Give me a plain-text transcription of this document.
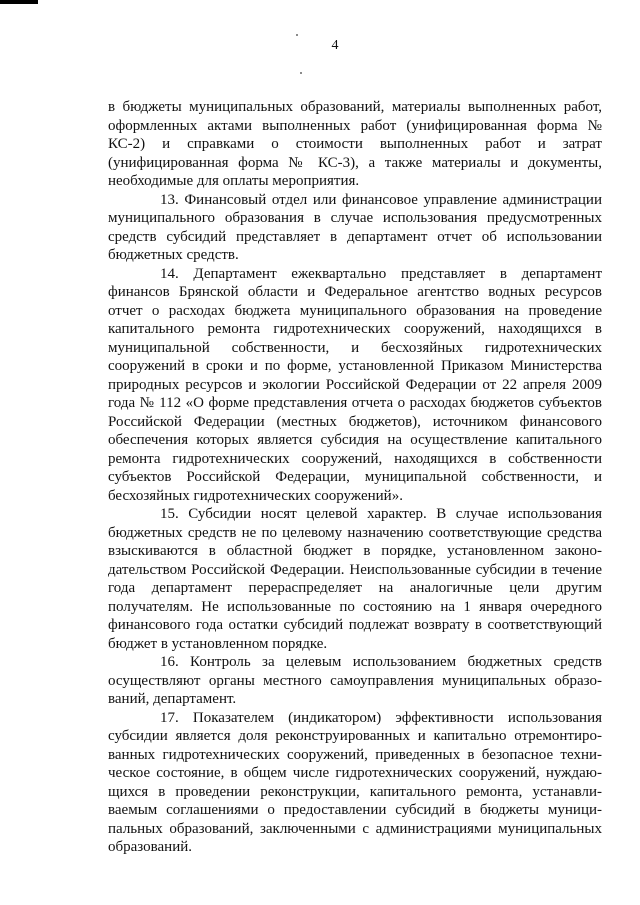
4

в бюджеты муниципальных образований, материалы выполненных работ, оформленных актами выполненных работ (унифицированная форма № КС-2) и справками о стоимости выполненных работ и затрат (унифицированная форма № КС-3), а также материалы и документы, необходимые для оплаты мероприятия.

13. Финансовый отдел или финансовое управление администрации муниципального образования в случае использования предусмотренных средств субсидий представляет в департамент отчет об использовании бюджетных средств.

14. Департамент ежеквартально представляет в департамент финансов Брянской области и Федеральное агентство водных ресурсов отчет о расходах бюджета муниципального образования на проведение капитального ремонта гидротехнических сооружений, находящихся в муниципальной собственности, и бесхозяйных гидротехнических сооружений в сроки и по форме, установленной Приказом Министерства природных ресурсов и экологии Российской Федерации от 22 апреля 2009 года № 112 «О форме представления отчета о расходах бюджетов субъектов Российской Федерации (местных бюджетов), источником финансового обеспечения которых является субсидия на осуществление капитального ремонта гидротехнических сооружений, находящихся в собственности субъектов Российской Федерации, муниципальной собственности, и бесхозяйных гидротехнических сооружений».

15. Субсидии носят целевой характер. В случае использования бюджетных средств не по целевому назначению соответствующие средства взыскиваются в областной бюджет в порядке, установленном законо- дательством Российской Федерации. Неиспользованные субсидии в течение года департамент перераспределяет на аналогичные цели другим получателям. Не использованные по состоянию на 1 января очередного финансового года остатки субсидий подлежат возврату в соответствующий бюджет в установленном порядке.

16. Контроль за целевым использованием бюджетных средств осуществляют органы местного самоуправления муниципальных образо- ваний, департамент.

17. Показателем (индикатором) эффективности использования субсидии является доля реконструированных и капитально отремонтиро- ванных гидротехнических сооружений, приведенных в безопасное техни- ческое состояние, в общем числе гидротехнических сооружений, нуждаю- щихся в проведении реконструкции, капитального ремонта, устанавли- ваемым соглашениями о предоставлении субсидий в бюджеты муници- пальных образований, заключенными с администрациями муниципальных образований.
